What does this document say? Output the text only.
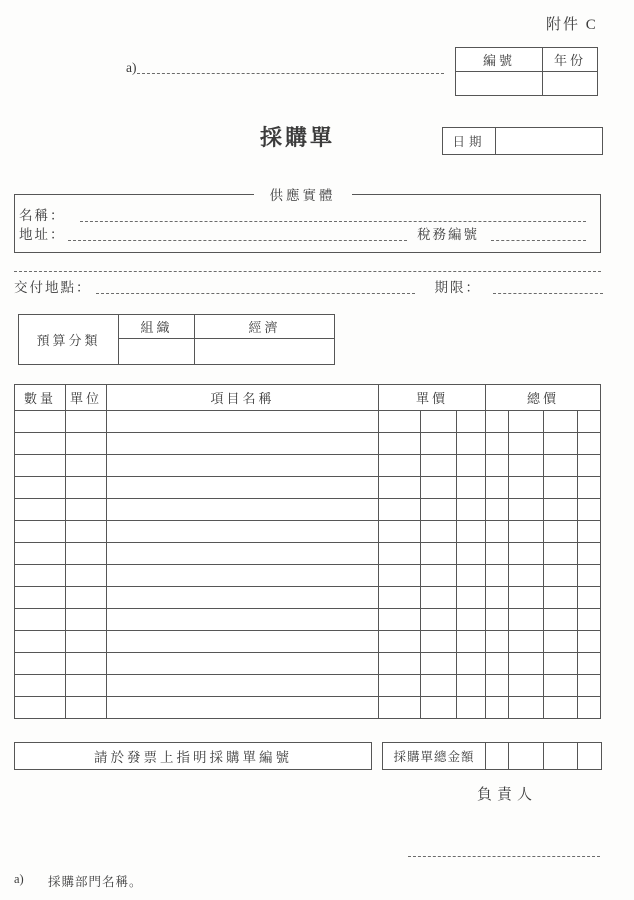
附件 C
編號	年份

a)
採購單	日期
供應實體
名稱：
地址：	稅務編號
交付地點：	期限：
預算分類	組織	經濟

數量	單位	項目名稱	單價			總價			

請於發票上指明採購單編號	採購單總金額
負責人
a)	採購部門名稱。
